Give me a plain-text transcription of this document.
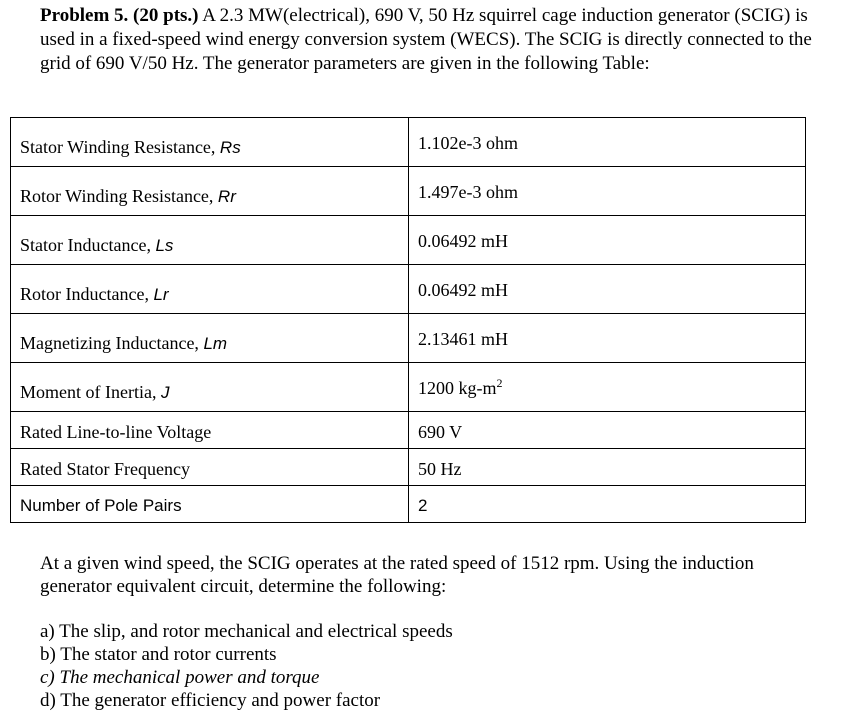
Problem 5. (20 pts.) A 2.3 MW(electrical), 690 V, 50 Hz squirrel cage induction generator (SCIG) is used in a fixed-speed wind energy conversion system (WECS). The SCIG is directly connected to the grid of 690 V/50 Hz. The generator parameters are given in the following Table:

Stator Winding Resistance, Rs	1.102e-3 ohm
Rotor Winding Resistance, Rr	1.497e-3 ohm
Stator Inductance, Ls	0.06492 mH
Rotor Inductance, Lr	0.06492 mH
Magnetizing Inductance, Lm	2.13461 mH
Moment of Inertia, J	1200 $kg-m^2$
Rated Line-to-line Voltage	690 V
Rated Stator Frequency	50 Hz
Number of Pole Pairs	2

At a given wind speed, the SCIG operates at the rated speed of 1512 rpm. Using the induction generator equivalent circuit, determine the following:

a) The slip, and rotor mechanical and electrical speeds
b) The stator and rotor currents
c) The mechanical power and torque
d) The generator efficiency and power factor
